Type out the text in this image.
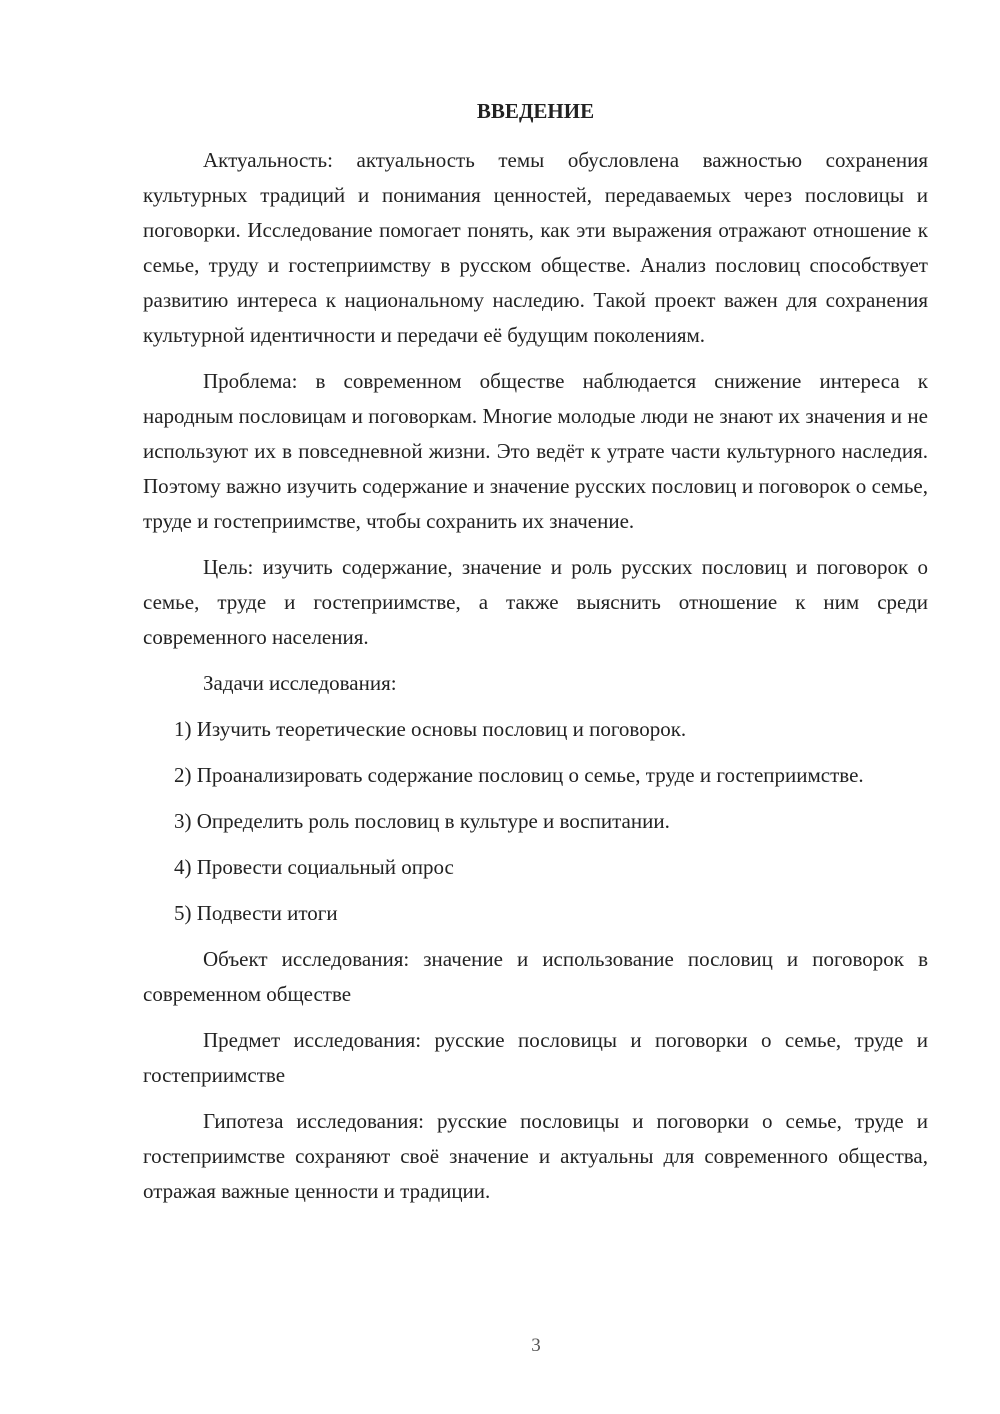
ВВЕДЕНИЕ

Актуальность: актуальность темы обусловлена важностью сохранения культурных традиций и понимания ценностей, передаваемых через пословицы и поговорки. Исследование помогает понять, как эти выражения отражают отношение к семье, труду и гостеприимству в русском обществе. Анализ пословиц способствует развитию интереса к национальному наследию. Такой проект важен для сохранения культурной идентичности и передачи её будущим поколениям.

Проблема: в современном обществе наблюдается снижение интереса к народным пословицам и поговоркам. Многие молодые люди не знают их значения и не используют их в повседневной жизни. Это ведёт к утрате части культурного наследия. Поэтому важно изучить содержание и значение русских пословиц и поговорок о семье, труде и гостеприимстве, чтобы сохранить их значение.

Цель: изучить содержание, значение и роль русских пословиц и поговорок о семье, труде и гостеприимстве, а также выяснить отношение к ним среди современного населения.

Задачи исследования:

1) Изучить теоретические основы пословиц и поговорок.

2) Проанализировать содержание пословиц о семье, труде и гостеприимстве.

3) Определить роль пословиц в культуре и воспитании.

4) Провести социальный опрос

5) Подвести итоги

Объект исследования: значение и использование пословиц и поговорок в современном обществе

Предмет исследования: русские пословицы и поговорки о семье, труде и гостеприимстве

Гипотеза исследования: русские пословицы и поговорки о семье, труде и гостеприимстве сохраняют своё значение и актуальны для современного общества, отражая важные ценности и традиции.

3
